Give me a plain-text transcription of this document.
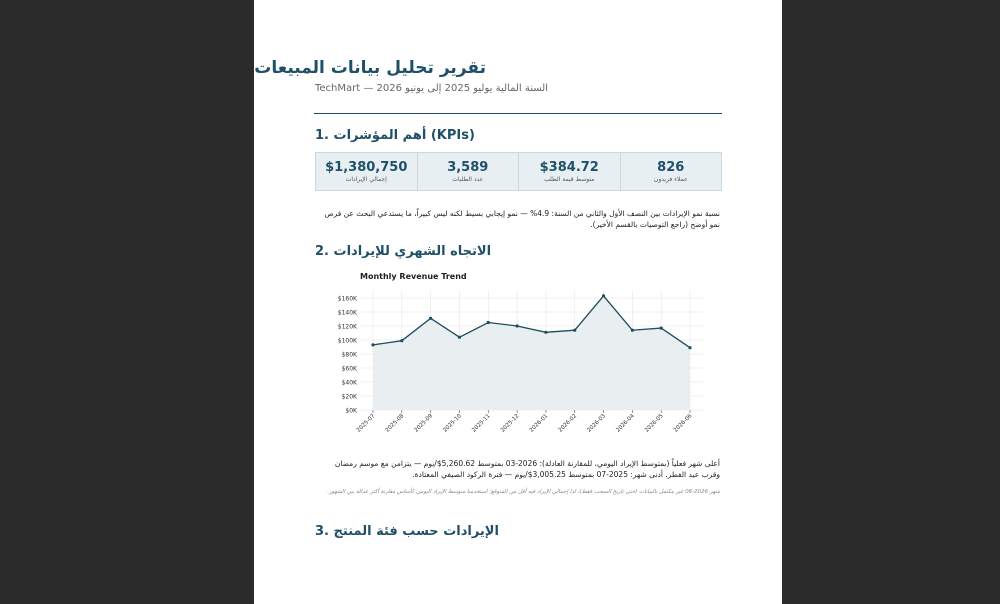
تقرير تحليل بيانات المبيعات
TechMart — 2026 السنة المالية يوليو 2025 إلى يونيو
1. أهم المؤشرات (KPIs)
$1,380,750
إجمالي الإيرادات
3,589
عدد الطلبات
$384.72
متوسط قيمة الطلب
826
عملاء فريدون
نسبة نمو الإيرادات بين النصف الأول والثاني من السنة: 4.9% — نمو إيجابي بسيط لكنه ليس كبيراً، ما يستدعي البحث عن فرص نمو أوضح (راجع التوصيات بالقسم الأخير).
2. الاتجاه الشهري للإيرادات
Monthly Revenue Trend
$0K
$20K
$40K
$60K
$80K
$100K
$120K
$140K
$160K
2025-07 2025-08 2025-09 2025-10 2025-11 2025-12 2026-01 2026-02 2026-03 2026-04 2026-05 2026-06
أعلى شهر فعلياً (بمتوسط الإيراد اليومي، للمقارنة العادلة): 2026-03 بمتوسط 5,260.62$/يوم — يتزامن مع موسم رمضان وقرب عيد الفطر. أدنى شهر: 2025-07 بمتوسط 3,005.25$/يوم — فترة الركود الصيفي المعتادة.
شهر 2026-06 غير مكتمل بالبيانات (حتى تاريخ السحب فقط)، لذا إجمالي الإيراد فيه أقل من المتوقع؛ استخدمنا متوسط الإيراد اليومي كأساس مقارنة أكثر عدالة بين الشهور.
3. الإيرادات حسب فئة المنتج
